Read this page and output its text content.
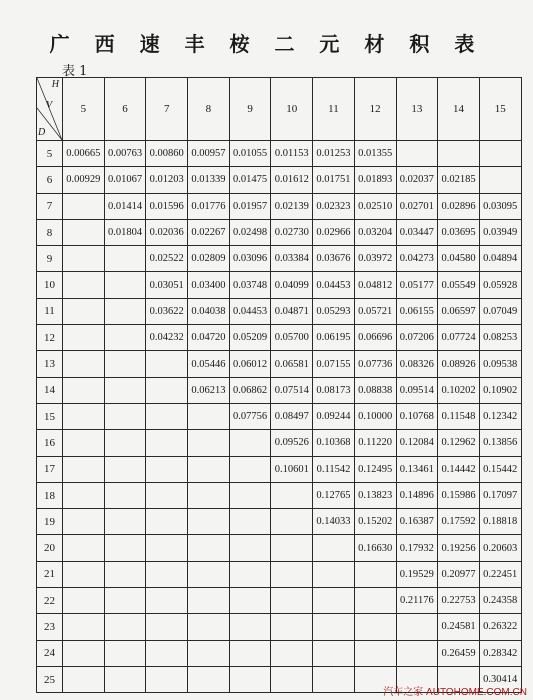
广 西 速 丰 桉 二 元 材 积 表
表 1
H
V
D	5	6	7	8	9	10	11	12	13	14	15
5	0.00665	0.00763	0.00860	0.00957	0.01055	0.01153	0.01253	0.01355			
6	0.00929	0.01067	0.01203	0.01339	0.01475	0.01612	0.01751	0.01893	0.02037	0.02185	
7		0.01414	0.01596	0.01776	0.01957	0.02139	0.02323	0.02510	0.02701	0.02896	0.03095
8		0.01804	0.02036	0.02267	0.02498	0.02730	0.02966	0.03204	0.03447	0.03695	0.03949
9			0.02522	0.02809	0.03096	0.03384	0.03676	0.03972	0.04273	0.04580	0.04894
10			0.03051	0.03400	0.03748	0.04099	0.04453	0.04812	0.05177	0.05549	0.05928
11			0.03622	0.04038	0.04453	0.04871	0.05293	0.05721	0.06155	0.06597	0.07049
12			0.04232	0.04720	0.05209	0.05700	0.06195	0.06696	0.07206	0.07724	0.08253
13				0.05446	0.06012	0.06581	0.07155	0.07736	0.08326	0.08926	0.09538
14				0.06213	0.06862	0.07514	0.08173	0.08838	0.09514	0.10202	0.10902
15					0.07756	0.08497	0.09244	0.10000	0.10768	0.11548	0.12342
16						0.09526	0.10368	0.11220	0.12084	0.12962	0.13856
17						0.10601	0.11542	0.12495	0.13461	0.14442	0.15442
18							0.12765	0.13823	0.14896	0.15986	0.17097
19							0.14033	0.15202	0.16387	0.17592	0.18818
20								0.16630	0.17932	0.19256	0.20603
21									0.19529	0.20977	0.22451
22									0.21176	0.22753	0.24358
23										0.24581	0.26322
24										0.26459	0.28342
25											0.30414
汽车之家 AUTOHOME.COM.CN
